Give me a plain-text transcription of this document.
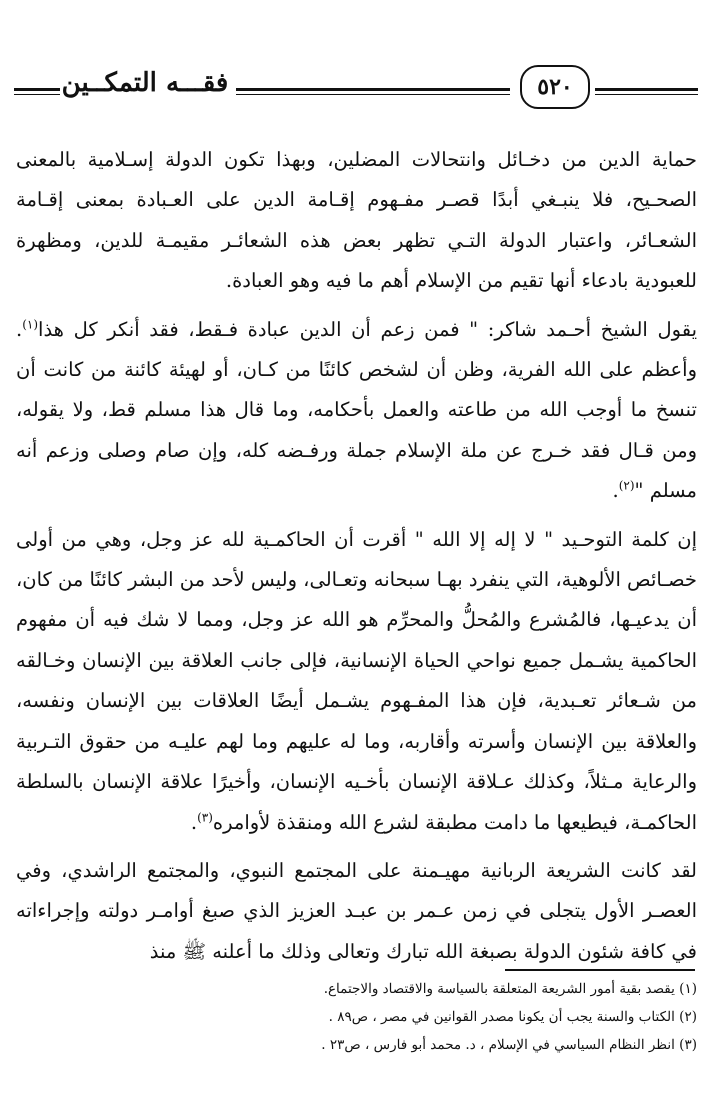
٥٢٠
فقـــه التمكــين

حماية الدين من دخـائل وانتحالات المضلين، وبهذا تكون الدولة إسـلامية بالمعنى الصحـيح، فلا ينبـغي أبدًا قصـر مفـهوم إقـامة الدين على العـبادة بمعنى إقـامة الشعـائر، واعتبار الدولة التـي تظهر بعض هذه الشعائـر مقيمـة للدين، ومظهرة للعبودية بادعاء أنها تقيم من الإسلام أهم ما فيه وهو العبادة.

يقول الشيخ أحـمد شاكر: " فمن زعم أن الدين عبادة فـقط، فقد أنكر كل هذا$^{(١)}$. وأعظم على الله الفرية، وظن أن لشخص كائنًا من كـان، أو لهيئة كائنة من كانت أن تنسخ ما أوجب الله من طاعته والعمل بأحكامه، وما قال هذا مسلم قط، ولا يقوله، ومن قـال فقد خـرج عن ملة الإسلام جملة ورفـضه كله، وإن صام وصلى وزعم أنه مسلم "$^{(٢)}$.

إن كلمة التوحـيد " لا إله إلا الله " أقرت أن الحاكمـية لله عز وجل، وهي من أولى خصـائص الألوهية، التي ينفرد بهـا سبحانه وتعـالى، وليس لأحد من البشر كائنًا من كان، أن يدعيـها، فالمُشرع والمُحلُّ والمحرِّم هو الله عز وجل، ومما لا شك فيه أن مفهوم الحاكمية يشـمل جميع نواحي الحياة الإنسانية، فإلى جانب العلاقة بين الإنسان وخـالقه من شـعائر تعـبدية، فإن هذا المفـهوم يشـمل أيضًا العلاقات بين الإنسان ونفسه، والعلاقة بين الإنسان وأسرته وأقاربه، وما له عليهم وما لهم عليـه من حقوق التـربية والرعاية مـثلاً، وكذلك عـلاقة الإنسان بأخـيه الإنسان، وأخيرًا علاقة الإنسان بالسلطة الحاكمـة، فيطيعها ما دامت مطبقة لشرع الله ومنقذة لأوامره$^{(٣)}$.

لقد كانت الشريعة الربانية مهيـمنة على المجتمع النبوي، والمجتمع الراشدي، وفي العصـر الأول يتجلى في زمن عـمر بن عبـد العزيز الذي صبغ أوامـر دولته وإجراءاته في كافة شئون الدولة بصبغة الله تبارك وتعالى وذلك ما أعلنه ﷺ منذ

(١) يقصد بقية أمور الشريعة المتعلقة بالسياسة والاقتصاد والاجتماع.
(٢) الكتاب والسنة يجب أن يكونا مصدر القوانين في مصر ، ص٨٩ .
(٣) انظر النظام السياسي في الإسلام ، د. محمد أبو فارس ، ص٢٣ .
